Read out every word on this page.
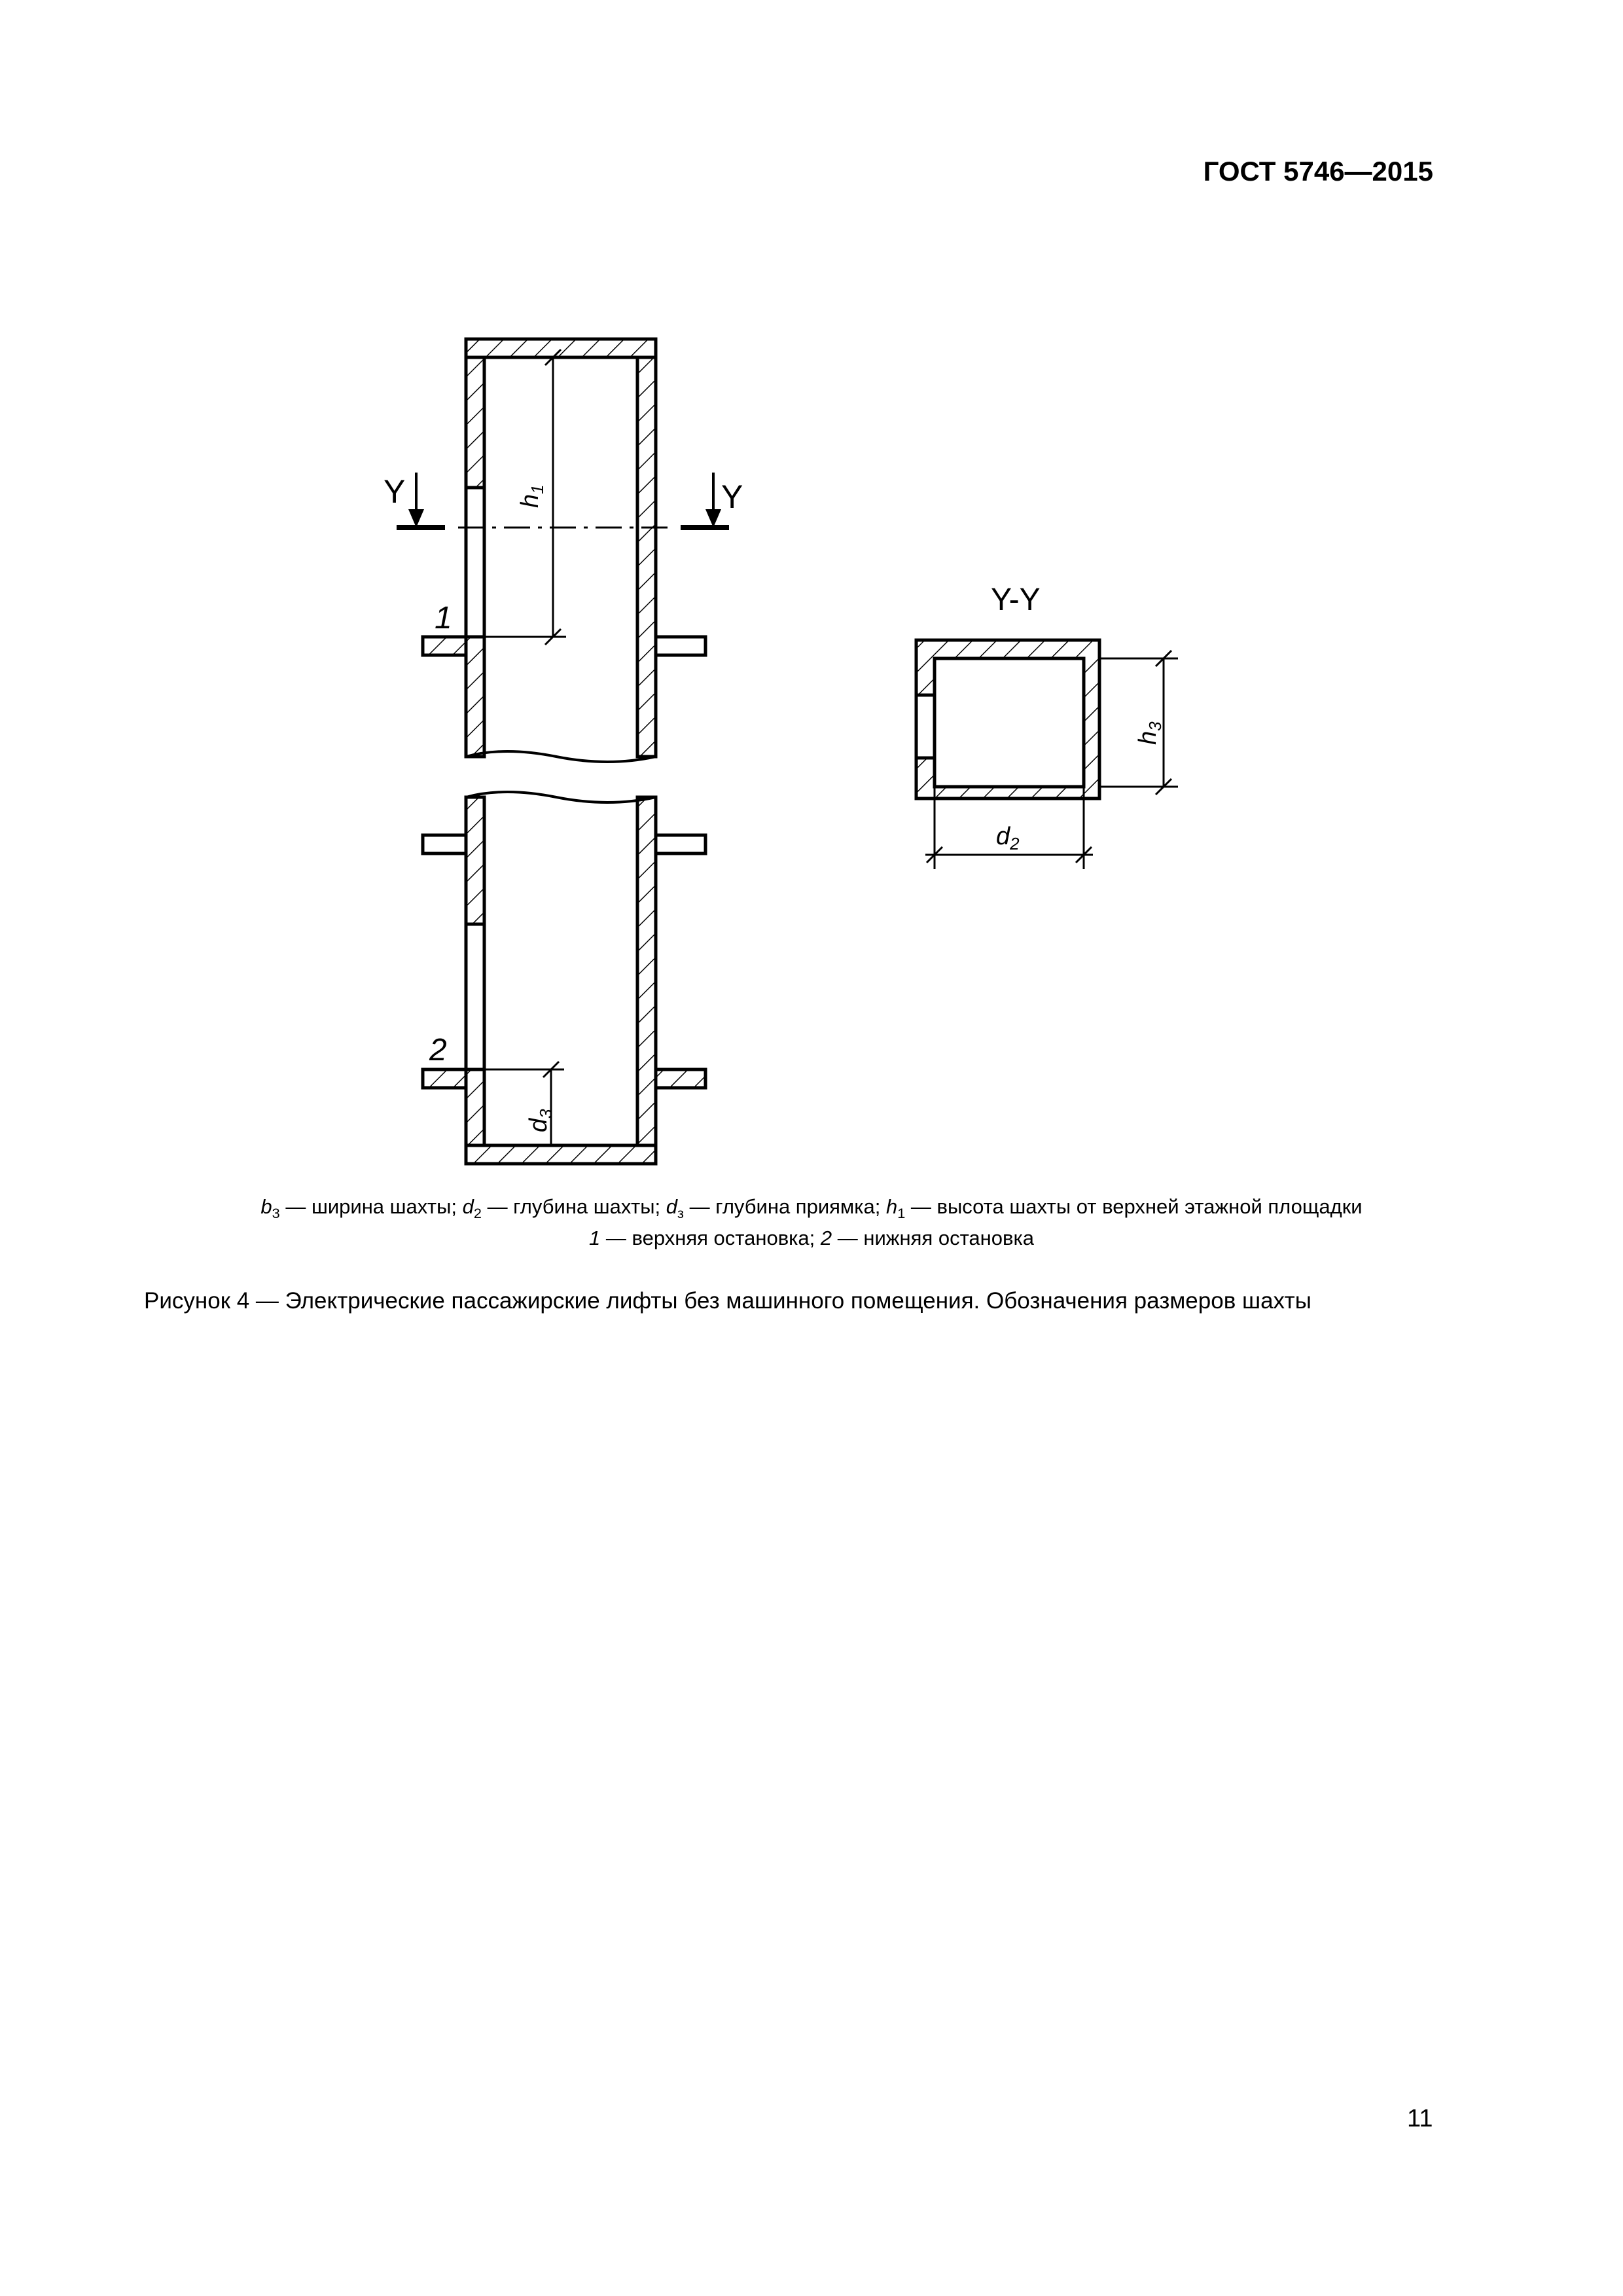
ГОСТ 5746—2015
Y	Y
$h_1$
1
2
$d_3$
Y-Y
$h_3$
$d_2$
$b_3$ — ширина шахты; $d_2$ — глубина шахты; $d_з$ — глубина приямка; $h_1$ — высота шахты от верхней этажной площадки
1 — верхняя остановка; 2 — нижняя остановка
Рисунок 4 — Электрические пассажирские лифты без машинного помещения. Обозначения размеров шахты
11
